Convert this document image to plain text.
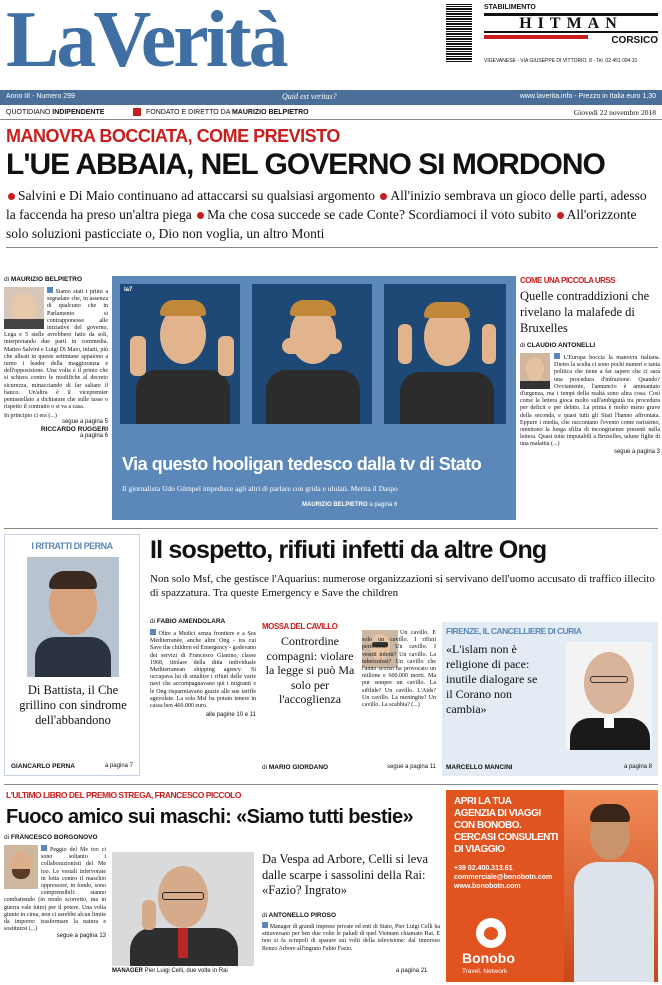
LaVerità	STABILIMENTO
HITMAN
CORSICO
VIGEVANESE - VIA GIUSEPPE DI VITTORIO, 8 - Tel. 02 451 094 31
Anno III - Numero 299	Quid est veritas?	www.laverita.info - Prezzo in Italia euro 1,30
QUOTIDIANO INDIPENDENTE	FONDATO E DIRETTO DA MAURIZIO BELPIETRO	Giovedì 22 novembre 2018
MANOVRA BOCCIATA, COME PREVISTO
L'UE ABBAIA, NEL GOVERNO SI MORDONO
Salvini e Di Maio continuano ad attaccarsi su qualsiasi argomento All'inizio sembrava un gioco delle parti, adesso la faccenda ha preso un'altra piega Ma che cosa succede se cade Conte? Scordiamoci il voto subito All'orizzonte solo soluzioni pasticciate o, Dio non voglia, un altro Monti
di MAURIZIO BELPIETRO
Siamo stati i primi a segnalare che, in assenza di qualcuno che in Parlamento si contrapponesse alle iniziative del governo, Lega e 5 stelle avrebbero fatto da soli, interpretando due parti in commedia. Matteo Salvini e Luigi Di Maio, infatti, più che alleati in queste settimane appaiono a turno i leader della maggioranza e dell'opposizione. Una volta è il primo che si schiera contro le modifiche al decreto sicurezza, minacciando di far saltare il banco. Un'altra è il vicepremier pentastellato a dichiarare che sulle tasse o rispetto il contratto o si va a casa.
In principio ci era (...)
segue a pagina 5
RICCARDO RUGGERI
a pagina 6
la7
Via questo hooligan tedesco dalla tv di Stato
Il giornalista Udo Gümpel impedisce agli altri di parlare con grida e ululati. Merita il Daspo
MAURIZIO BELPIETRO a pagina 6
COME UNA PICCOLA URSS
Quelle contraddizioni che rivelano la malafede di Bruxelles
di CLAUDIO ANTONELLI
L'Europa boccia la manovra italiana. Dietro la scelta ci sono pochi numeri e tanta politica che tiene a far sapere che ci sarà una procedura d'infrazione. Quando? Ovviamente, l'annuncio è ammantato d'urgenza, ma i tempi della realtà sono altra cosa. Così come la lettera gioca molto sull'ambiguità tra procedura per deficit e per debito. La prima è molto meno grave della seconda, e quasi tutti gli Stati l'hanno affrontata. Eppure i media, che raccontano l'evento come rarissimo, omettono la lunga sfilza di incongruenze presenti nella lettera. Quasi tutte imputabili a Bruxelles, talune figlie di una malattia (...)
segue a pagina 3
I RITRATTI DI PERNA
Di Battista, il Che grillino con sindrome dell'abbandono
GIANCARLO PERNA	a pagina 7
Il sospetto, rifiuti infetti da altre Ong
Non solo Msf, che gestisce l'Aquarius: numerose organizzazioni si servivano dell'uomo accusato di traffico illecito di spazzatura. Tra queste Emergency e Save the children
di FABIO AMENDOLARA
Oltre a Medici senza frontiere e a Sos Méditerranée, anche altre Ong - tra cui Save the children ed Emergency - godevano dei servizi di Francesco Gianino, classe 1968, titolare della ditta individuale Mediterranean shipping agency. Si occupava lui di smaltire i rifiuti delle varie navi che accompagnavano qui i migranti e le Ong risparmiavano grazie alle sue tariffe agevolate. La sola Msf ha potuto tenere in cassa ben 460.000 euro.
alle pagine 10 e 11
MOSSA DEL CAVILLO
Contrordine compagni: violare la legge si può Ma solo per l'accoglienza
Un cavillo. E solo un cavillo. I rifiuti pericolosi? Un cavillo. I vestiti infetti? Un cavillo. La tubercolosi? Un cavillo che l'anno scorso ha provocato un milione e 600.000 morti. Ma pur sempre un cavillo. La sifilide? Un cavillo. L'Aids? Un cavillo. La meningite? Un cavillo. La scabbia? (...)
di MARIO GIORDANO	segue a pagina 11
FIRENZE, IL CANCELLIERE DI CURIA
«L'islam non è religione di pace: inutile dialogare se il Corano non cambia»
MARCELLO MANCINI	a pagina 8
L'ULTIMO LIBRO DEL PREMIO STREGA, FRANCESCO PICCOLO
Fuoco amico sui maschi: «Siamo tutti bestie»
di FRANCESCO BORGONOVO
Peggio del Me too ci sono soltanto i collaborazionisti del Me too. Le vestali infervorate in lotta contro il maschio oppressore, in fondo, sono comprensibili: stanno combattendo (in modo scorretto, ma in guerra vale tutto) per il potere. Una volta giunte in cima, non ci sarebbe alcun limite da imporre: trasformare la natura e sostituirsi (...)
segue a pagina 13
MANAGER Pier Luigi Celli, due volte in Rai
Da Vespa ad Arbore, Celli si leva dalle scarpe i sassolini della Rai: «Fazio? Ingrato»
di ANTONELLO PIROSO
Manager di grandi imprese private ed enti di Stato, Pier Luigi Celli ha attraversato per ben due volte le paludi di quel Vietnam chiamato Rai. E non si fa scrupoli di sparare sui volti della televisione: dal timoroso Renzo Arbore all'ingrato Fabio Fazio.
a pagina 21
APRI LA TUA
AGENZIA DI VIAGGI
CON BONOBO.
CERCASI CONSULENTI
DI VIAGGIO
+39 02.400.313.61
commerciale@bonobotn.com
www.bonobotn.com
Bonobo
Travel. Network
